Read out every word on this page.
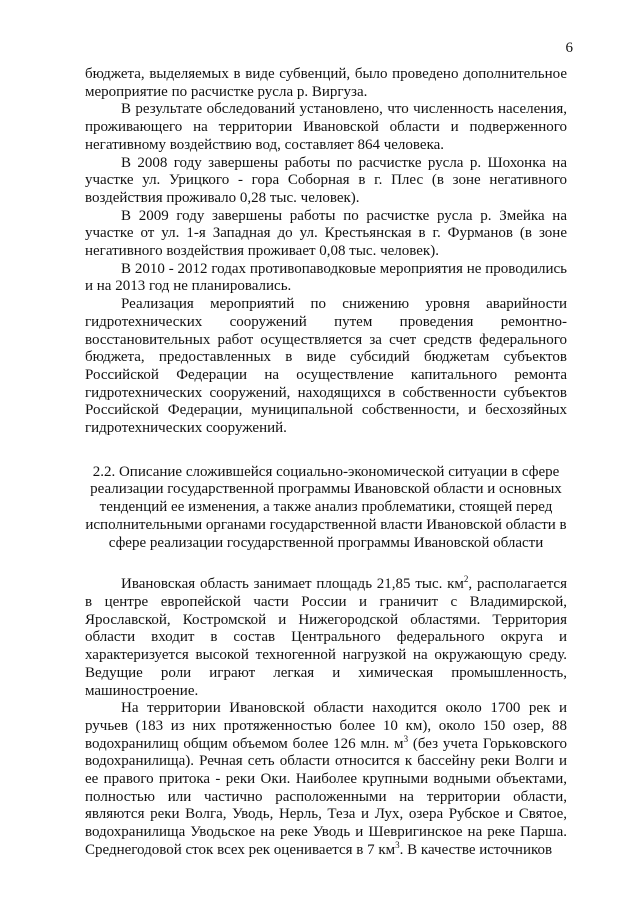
6

бюджета, выделяемых в виде субвенций, было проведено дополнительное мероприятие по расчистке русла р. Виргуза.

В результате обследований установлено, что численность населения, проживающего на территории Ивановской области и подверженного негативному воздействию вод, составляет 864 человека.

В 2008 году завершены работы по расчистке русла р. Шохонка на участке ул. Урицкого - гора Соборная в г. Плес (в зоне негативного воздействия проживало 0,28 тыс. человек).

В 2009 году завершены работы по расчистке русла р. Змейка на участке от ул. 1-я Западная до ул. Крестьянская в г. Фурманов (в зоне негативного воздействия проживает 0,08 тыс. человек).

В 2010 - 2012 годах противопаводковые мероприятия не проводились и на 2013 год не планировались.

Реализация мероприятий по снижению уровня аварийности гидротехнических сооружений путем проведения ремонтно-восстановительных работ осуществляется за счет средств федерального бюджета, предоставленных в виде субсидий бюджетам субъектов Российской Федерации на осуществление капитального ремонта гидротехнических сооружений, находящихся в собственности субъектов Российской Федерации, муниципальной собственности, и бесхозяйных гидротехнических сооружений.

2.2. Описание сложившейся социально-экономической ситуации в сфере реализации государственной программы Ивановской области и основных тенденций ее изменения, а также анализ проблематики, стоящей перед исполнительными органами государственной власти Ивановской области в сфере реализации государственной программы Ивановской области

Ивановская область занимает площадь 21,85 тыс. $км^2$, располагается в центре европейской части России и граничит с Владимирской, Ярославской, Костромской и Нижегородской областями. Территория области входит в состав Центрального федерального округа и характеризуется высокой техногенной нагрузкой на окружающую среду. Ведущие роли играют легкая и химическая промышленность, машиностроение.

На территории Ивановской области находится около 1700 рек и ручьев (183 из них протяженностью более 10 км), около 150 озер, 88 водохранилищ общим объемом более 126 млн. $м^3$ (без учета Горьковского водохранилища). Речная сеть области относится к бассейну реки Волги и ее правого притока - реки Оки. Наиболее крупными водными объектами, полностью или частично расположенными на территории области, являются реки Волга, Уводь, Нерль, Теза и Лух, озера Рубское и Святое, водохранилища Уводьское на реке Уводь и Шевригинское на реке Парша. Среднегодовой сток всех рек оценивается в 7 $км^3$. В качестве источников
